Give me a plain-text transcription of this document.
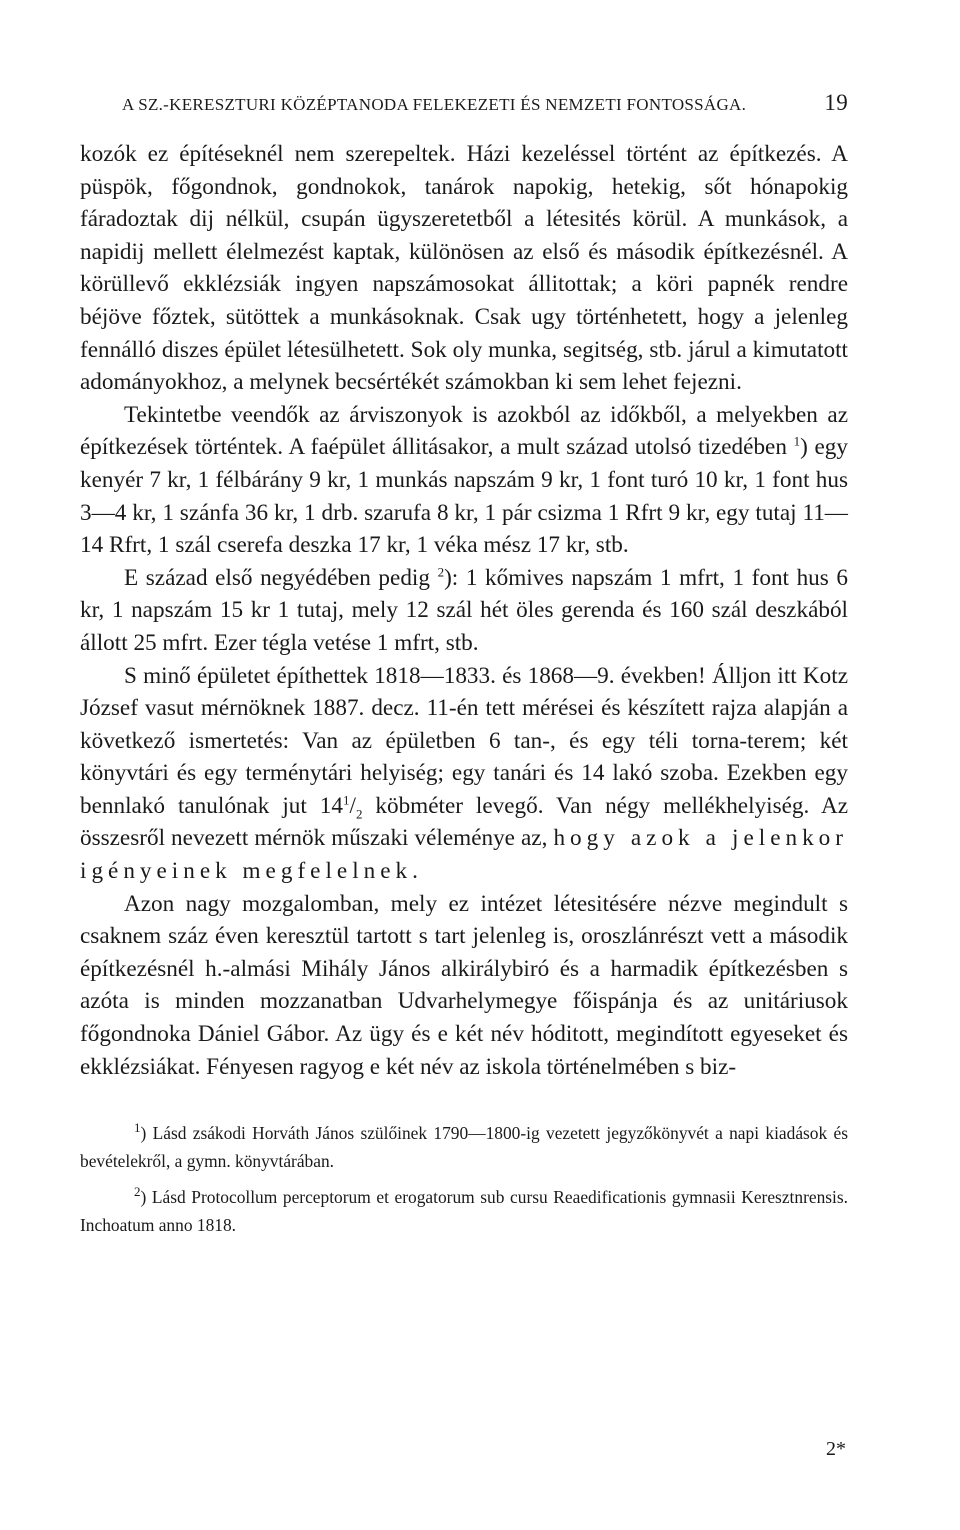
A SZ.-KERESZTURI KÖZÉPTANODA FELEKEZETI ÉS NEMZETI FONTOSSÁGA.	19

kozók ez építéseknél nem szerepeltek. Házi kezeléssel történt az építkezés. A püspök, főgondnok, gondnokok, tanárok napokig, hetekig, sőt hónapokig fáradoztak dij nélkül, csupán ügyszeretetből a létesités körül. A munkások, a napidij mellett élelmezést kaptak, különösen az első és második építkezésnél. A körüllevő ekklézsiák ingyen napszámosokat állitottak; a köri papnék rendre béjöve főztek, sütöttek a munkásoknak. Csak ugy történhetett, hogy a jelenleg fennálló diszes épület létesülhetett. Sok oly munka, segitség, stb. járul a kimutatott adományokhoz, a melynek becsértékét számokban ki sem lehet fejezni.

Tekintetbe veendők az árviszonyok is azokból az időkből, a melyekben az építkezések történtek. A faépület állitásakor, a mult század utolsó tizedében $^1$) egy kenyér 7 kr, 1 félbárány 9 kr, 1 munkás napszám 9 kr, 1 font turó 10 kr, 1 font hus 3—4 kr, 1 szánfa 36 kr, 1 drb. szarufa 8 kr, 1 pár csizma 1 Rfrt 9 kr, egy tutaj 11—14 Rfrt, 1 szál cserefa deszka 17 kr, 1 véka mész 17 kr, stb.

E század első negyédében pedig $^2$): 1 kőmives napszám 1 mfrt, 1 font hus 6 kr, 1 napszám 15 kr 1 tutaj, mely 12 szál hét öles gerenda és 160 szál deszkából állott 25 mfrt. Ezer tégla vetése 1 mfrt, stb.

S minő épületet építhettek 1818—1833. és 1868—9. években! Álljon itt Kotz József vasut mérnöknek 1887. decz. 11-én tett mérései és készített rajza alapján a következő ismertetés: Van az épületben 6 tan-, és egy téli torna-terem; két könyvtári és egy terménytári helyiség; egy tanári és 14 lakó szoba. Ezekben egy bennlakó tanulónak jut $14^1/_2$ köbméter levegő. Van négy mellékhelyiség. Az összesről nevezett mérnök műszaki véleménye az, hogy azok a jelenkor igényeinek megfelelnek.

Azon nagy mozgalomban, mely ez intézet létesitésére nézve megindult s csaknem száz éven keresztül tartott s tart jelenleg is, oroszlánrészt vett a második építkezésnél h.-almási Mihály János alkirálybiró és a harmadik építkezésben s azóta is minden mozzanatban Udvarhelymegye főispánja és az unitáriusok főgondnoka Dániel Gábor. Az ügy és e két név hóditott, megindított egyeseket és ekklézsiákat. Fényesen ragyog e két név az iskola történelmében s biz-

$^1$) Lásd zsákodi Horváth János szülőinek 1790—1800-ig vezetett jegyzőkönyvét a napi kiadások és bevételekről, a gymn. könyvtárában.

$^2$) Lásd Protocollum perceptorum et erogatorum sub cursu Reaedificationis gymnasii Keresztnrensis. Inchoatum anno 1818.

2*
